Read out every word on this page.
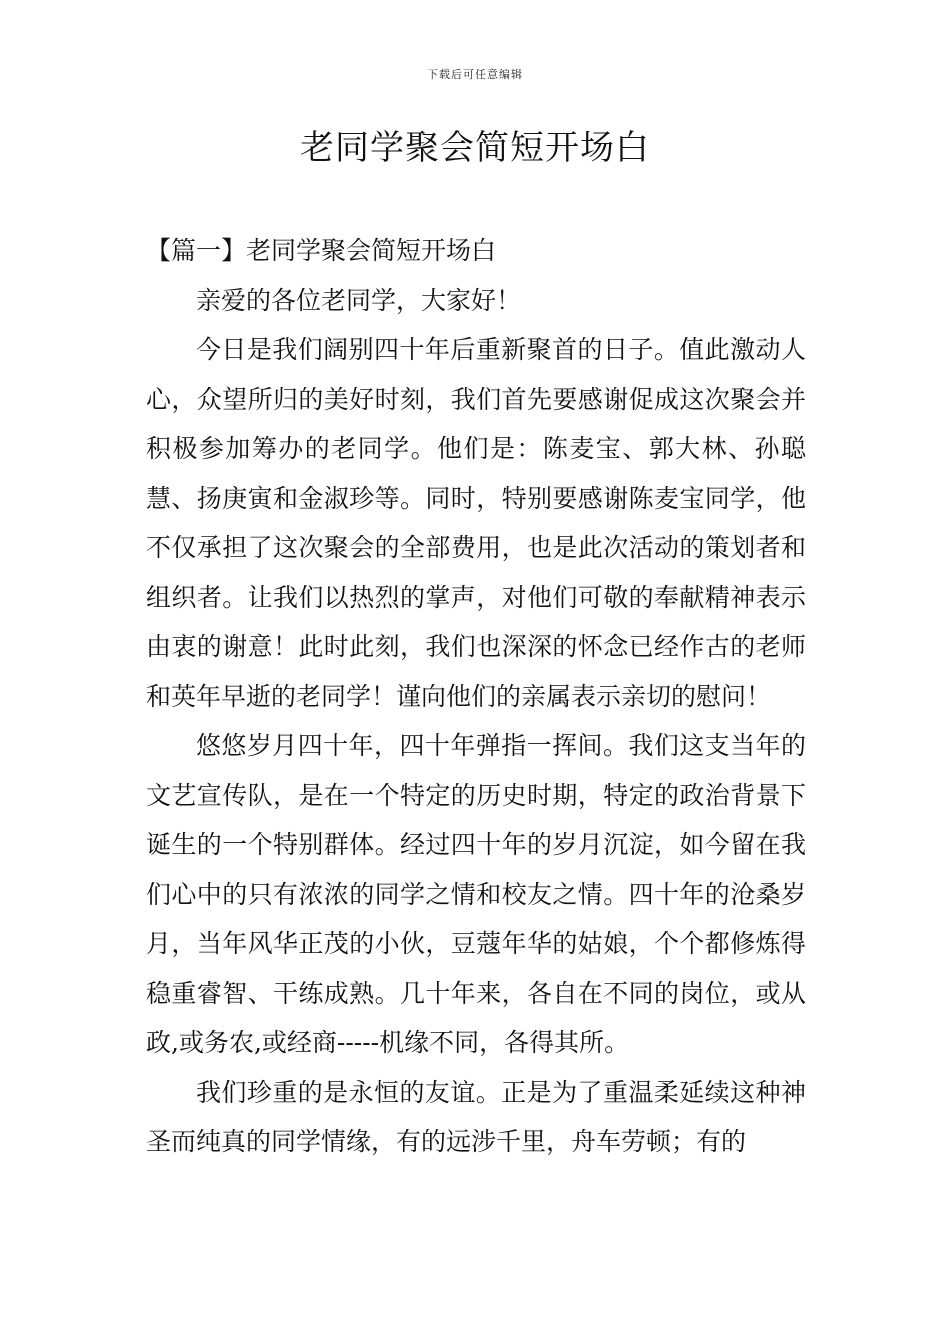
下载后可任意编辑
老同学聚会简短开场白

【篇一】老同学聚会简短开场白

亲爱的各位老同学，大家好！

今日是我们阔别四十年后重新聚首的日子。值此激动人心，众望所归的美好时刻，我们首先要感谢促成这次聚会并积极参加筹办的老同学。他们是：陈麦宝、郭大林、孙聪慧、扬庚寅和金淑珍等。同时，特别要感谢陈麦宝同学，他不仅承担了这次聚会的全部费用，也是此次活动的策划者和组织者。让我们以热烈的掌声，对他们可敬的奉献精神表示由衷的谢意！此时此刻，我们也深深的怀念已经作古的老师和英年早逝的老同学！谨向他们的亲属表示亲切的慰问！

悠悠岁月四十年，四十年弹指一挥间。我们这支当年的文艺宣传队，是在一个特定的历史时期，特定的政治背景下诞生的一个特别群体。经过四十年的岁月沉淀，如今留在我们心中的只有浓浓的同学之情和校友之情。四十年的沧桑岁月，当年风华正茂的小伙，豆蔻年华的姑娘，个个都修炼得稳重睿智、干练成熟。几十年来，各自在不同的岗位，或从政,或务农,或经商-----机缘不同，各得其所。

我们珍重的是永恒的友谊。正是为了重温柔延续这种神圣而纯真的同学情缘，有的远涉千里，舟车劳顿；有的
